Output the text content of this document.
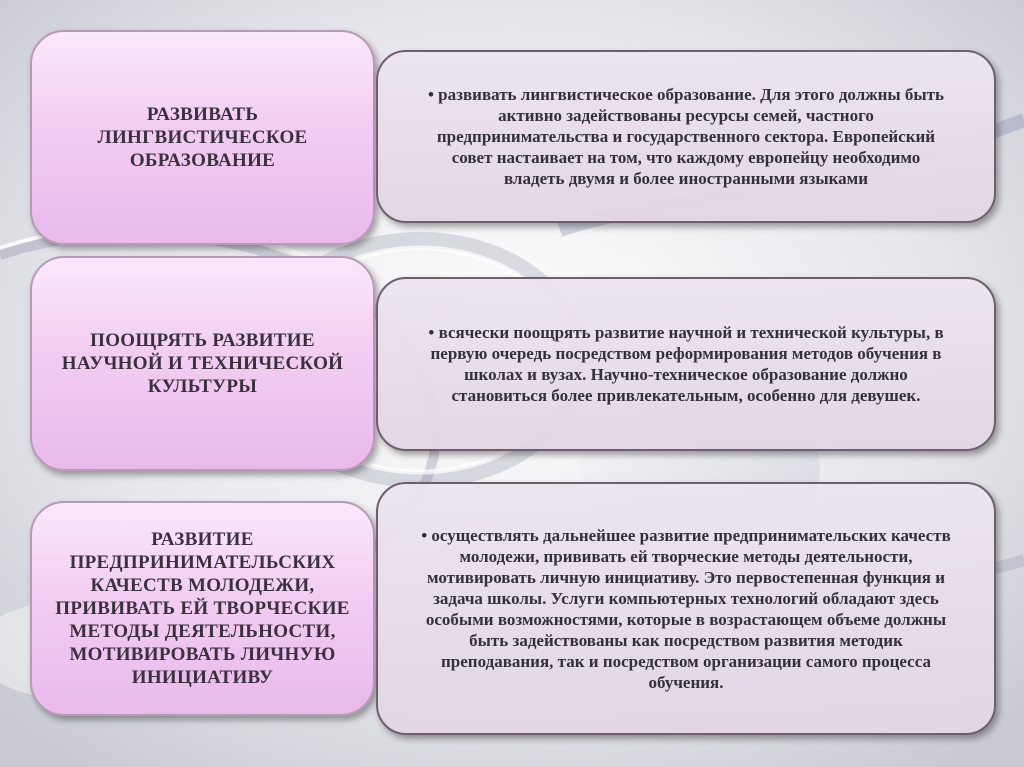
РАЗВИВАТЬ ЛИНГВИСТИЧЕСКОЕ ОБРАЗОВАНИЕ
• развивать лингвистическое образование. Для этого должны быть активно задействованы ресурсы семей, частного предпринимательства и государственного сектора. Европейский совет настаивает на том, что каждому европейцу необходимо владеть двумя и более иностранными языками
ПООЩРЯТЬ РАЗВИТИЕ НАУЧНОЙ И ТЕХНИЧЕСКОЙ КУЛЬТУРЫ
• всячески поощрять развитие научной и технической культуры, в первую очередь посредством реформирования методов обучения в школах и вузах. Научно-техническое образование должно становиться более привлекательным, особенно для девушек.
РАЗВИТИЕ ПРЕДПРИНИМАТЕЛЬСКИХ КАЧЕСТВ МОЛОДЕЖИ, ПРИВИВАТЬ ЕЙ ТВОРЧЕСКИЕ МЕТОДЫ ДЕЯТЕЛЬНОСТИ, МОТИВИРОВАТЬ ЛИЧНУЮ ИНИЦИАТИВУ
• осуществлять дальнейшее развитие предпринимательских качеств молодежи, прививать ей творческие методы деятельности, мотивировать личную инициативу. Это первостепенная функция и задача школы. Услуги компьютерных технологий обладают здесь особыми возможностями, которые в возрастающем объеме должны быть задействованы как посредством развития методик преподавания, так и посредством организации самого процесса обучения.
